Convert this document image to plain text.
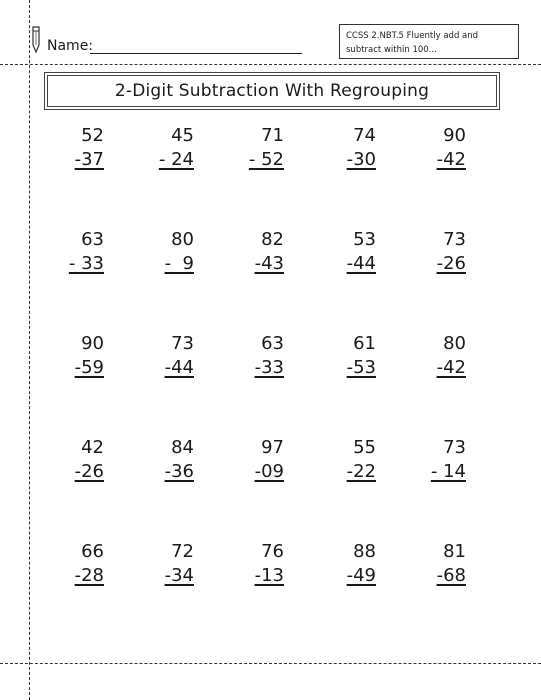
Name:
CCSS 2.NBT.5 Fluently add and subtract within 100...
2-Digit Subtraction With Regrouping
52
-37
45
- 24
71
- 52
74
-30
90
-42
63
- 33
80
-  9
82
-43
53
-44
73
-26
90
-59
73
-44
63
-33
61
-53
80
-42
42
-26
84
-36
97
-09
55
-22
73
- 14
66
-28
72
-34
76
-13
88
-49
81
-68
